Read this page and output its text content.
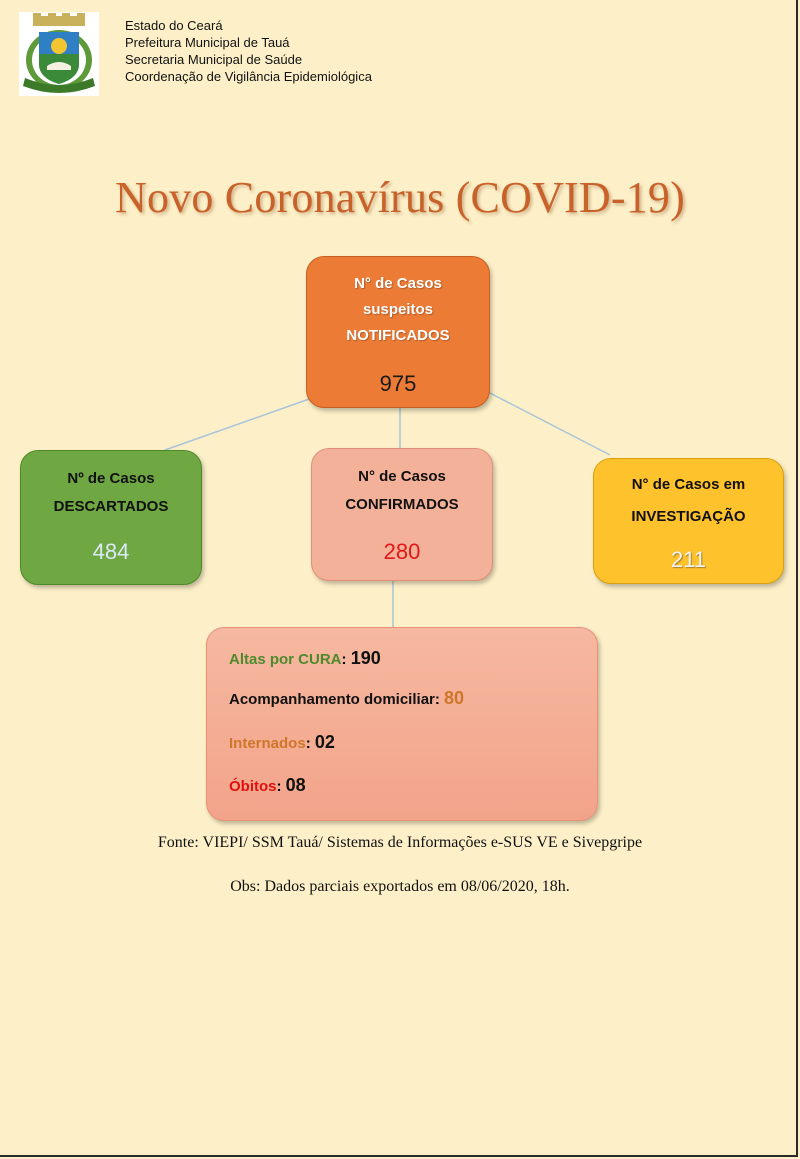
Estado do Ceará
Prefeitura Municipal de Tauá
Secretaria Municipal de Saúde
Coordenação de Vigilância Epidemiológica
Novo Coronavírus (COVID-19)
N° de Casos
suspeitos
NOTIFICADOS
975
Nº de Casos
DESCARTADOS
484
N° de Casos
CONFIRMADOS
280
N° de Casos em
INVESTIGAÇÃO
211
Altas por CURA: 190
Acompanhamento domiciliar: 80
Internados: 02
Óbitos: 08
Fonte: VIEPI/ SSM Tauá/ Sistemas de Informações e-SUS VE e Sivepgripe
Obs: Dados parciais exportados em 08/06/2020, 18h.
